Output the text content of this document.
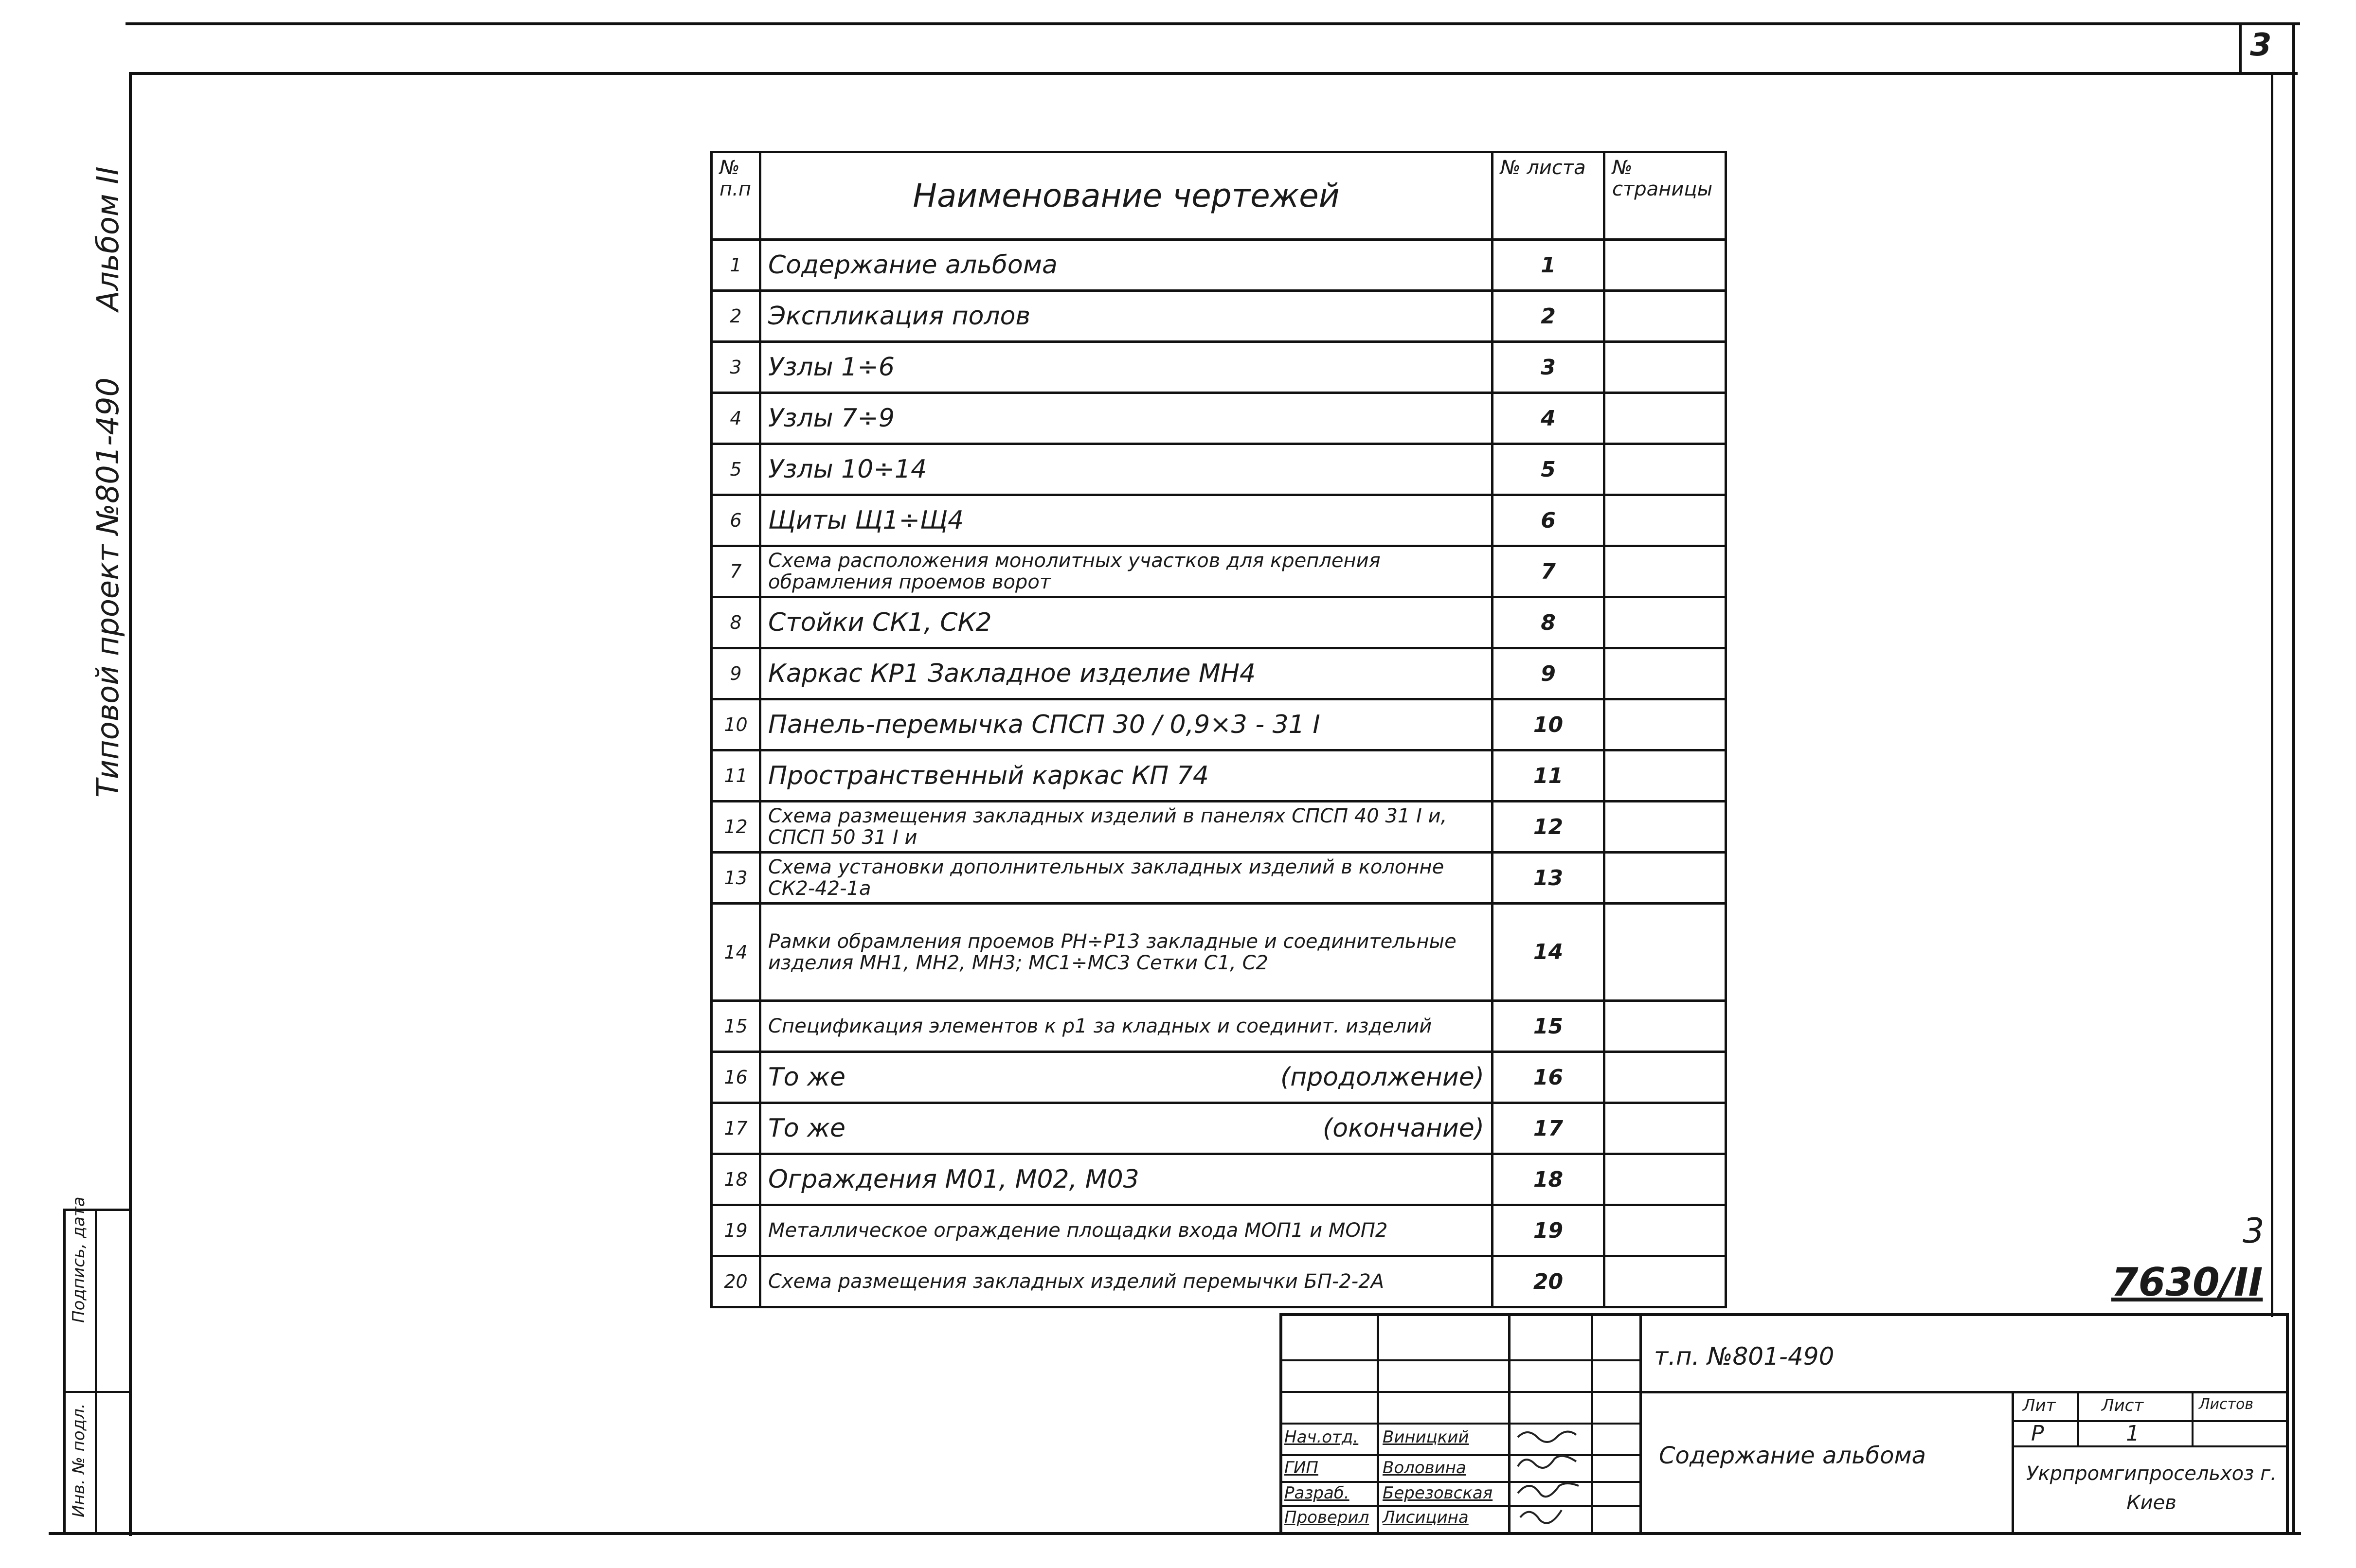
3
Альбом II
Типовой проект №801-490
Инв. № подл.
Подпись, дата
№ п.п	Наименование чертежей	№ листа	№ страницы
1	Содержание альбома	1	
2	Экспликация полов	2	
3	Узлы 1÷6	3	
4	Узлы 7÷9	4	
5	Узлы 10÷14	5	
6	Щиты Щ1÷Щ4	6	
7	Схема расположения монолитных участков для крепления обрамления проемов ворот	7	
8	Стойки СК1, СК2	8	
9	Каркас КР1 Закладное изделие МН4	9	
10	Панель-перемычка СПСП 30 / 0,9×3 - 31 I	10	
11	Пространственный каркас КП 74	11	
12	Схема размещения закладных изделий в панелях СПСП 40 31 I и, СПСП 50 31 I и	12	
13	Схема установки дополнительных закладных изделий в колонне СК2-42-1а	13	
14	Рамки обрамления проемов РН÷Р13 закладные и соединительные изделия МН1, МН2, МН3; МС1÷МС3 Сетки С1, С2	14	
15	Спецификация элементов к р1 за кладных и соединит. изделий	15	
16	То же (продолжение)	16	
17	То же (окончание)	17	
18	Ограждения М01, М02, М03	18	
19	Металлическое ограждение площадки входа МОП1 и МОП2	19	
20	Схема размещения закладных изделий перемычки БП-2-2А	20	
3
7630/II
т.п. №801-490
Содержание альбома
Лит	Лист	Листов
Р	1
Укрпромгипросельхоз г. Киев
Нач.отд. Виницкий
ГИП	Воловина
Разраб. Березовская
Проверил Лисицина
